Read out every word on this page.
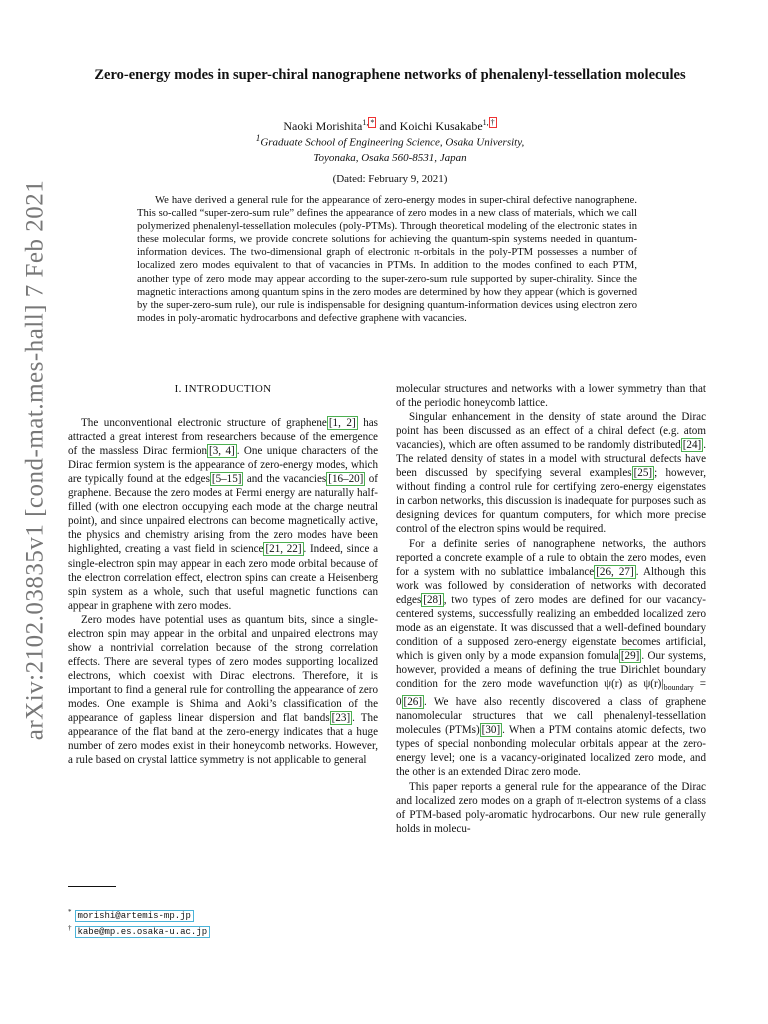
arXiv:2102.03835v1 [cond-mat.mes-hall] 7 Feb 2021
Zero-energy modes in super-chiral nanographene networks of phenalenyl-tessellation molecules
Naoki Morishita$^{1,}$ * and Koichi Kusakabe$^{1,}$ †
$^1$Graduate School of Engineering Science, Osaka University,
Toyonaka, Osaka 560-8531, Japan
(Dated: February 9, 2021)
We have derived a general rule for the appearance of zero-energy modes in super-chiral defective nanographene. This so-called “super-zero-sum rule” defines the appearance of zero modes in a new class of materials, which we call polymerized phenalenyl-tessellation molecules (poly-PTMs). Through theoretical modeling of the electronic states in these molecular forms, we provide concrete solutions for achieving the quantum-spin systems needed in quantum-information devices. The two-dimensional graph of electronic π-orbitals in the poly-PTM possesses a number of localized zero modes equivalent to that of vacancies in PTMs. In addition to the modes confined to each PTM, another type of zero mode may appear according to the super-zero-sum rule supported by super-chirality. Since the magnetic interactions among quantum spins in the zero modes are determined by how they appear (which is governed by the super-zero-sum rule), our rule is indispensable for designing quantum-information devices using electron zero modes in poly-aromatic hydrocarbons and defective graphene with vacancies.
I. INTRODUCTION

The unconventional electronic structure of graphene [1, 2] has attracted a great interest from researchers because of the emergence of the massless Dirac fermion [3, 4] . One unique characters of the Dirac fermion system is the appearance of zero-energy modes, which are typically found at the edges [5–15] and the vacancies [16–20] of graphene. Because the zero modes at Fermi energy are naturally half-filled (with one electron occupying each mode at the charge neutral point), and since unpaired electrons can become magnetically active, the physics and chemistry arising from the zero modes have been highlighted, creating a vast field in science [21, 22] . Indeed, since a single-electron spin may appear in each zero mode orbital because of the electron correlation effect, electron spins can create a Heisenberg spin system as a whole, such that useful magnetic functions can appear in graphene with zero modes.

Zero modes have potential uses as quantum bits, since a single-electron spin may appear in the orbital and unpaired electrons may show a nontrivial correlation because of the strong correlation effects. There are several types of zero modes supporting localized electrons, which coexist with Dirac electrons. Therefore, it is important to find a general rule for controlling the appearance of zero modes. One example is Shima and Aoki’s classification of the appearance of gapless linear dispersion and flat bands [23] . The appearance of the flat band at the zero-energy indicates that a huge number of zero modes exist in their honeycomb networks. However, a rule based on crystal lattice symmetry is not applicable to general

molecular structures and networks with a lower symmetry than that of the periodic honeycomb lattice.

Singular enhancement in the density of state around the Dirac point has been discussed as an effect of a chiral defect (e.g. atom vacancies), which are often assumed to be randomly distributed [24] . The related density of states in a model with structural defects have been discussed by specifying several examples [25] ; however, without finding a control rule for certifying zero-energy eigenstates in carbon networks, this discussion is inadequate for purposes such as designing devices for quantum computers, for which more precise control of the electron spins would be required.

For a definite series of nanographene networks, the authors reported a concrete example of a rule to obtain the zero modes, even for a system with no sublattice imbalance [26, 27] . Although this work was followed by consideration of networks with decorated edges [28] , two types of zero modes are defined for our vacancy-centered systems, successfully realizing an embedded localized zero mode as an eigenstate. It was discussed that a well-defined boundary condition of a supposed zero-energy eigenstate becomes artificial, which is given only by a mode expansion fomula [29] . Our systems, however, provided a means of defining the true Dirichlet boundary condition for the zero mode wavefunction ψ(r) as $\psi(r)|_{boundary} = 0$ [26] . We have also recently discovered a class of graphene nanomolecular structures that we call phenalenyl-tessellation molecules (PTMs) [30] . When a PTM contains atomic defects, two types of special nonbonding molecular orbitals appear at the zero-energy level; one is a vacancy-originated localized zero mode, and the other is an extended Dirac zero mode.

This paper reports a general rule for the appearance of the Dirac and localized zero modes on a graph of π-electron systems of a class of PTM-based poly-aromatic hydrocarbons. Our new rule generally holds in molecu-

* morishi@artemis-mp.jp
† kabe@mp.es.osaka-u.ac.jp
